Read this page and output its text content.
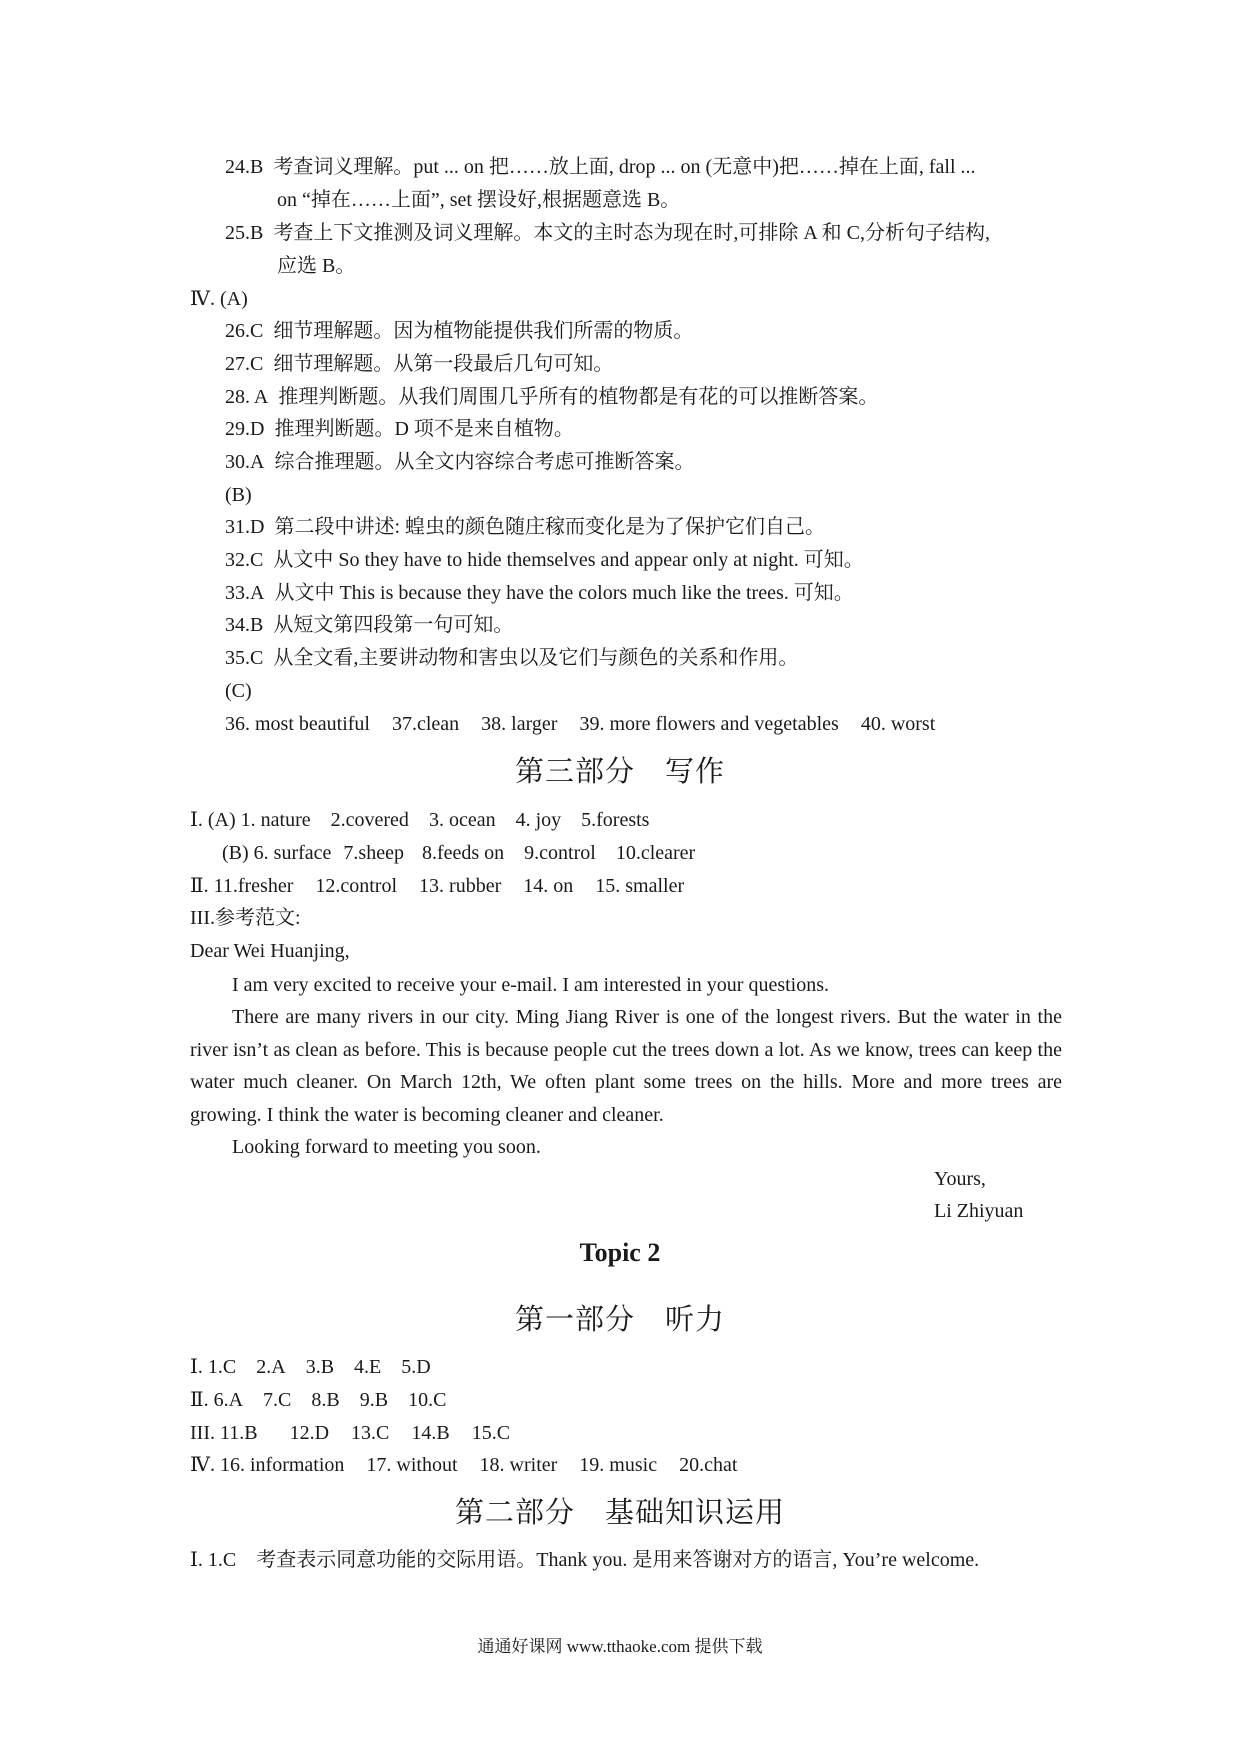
24.B 考查词义理解。put ... on 把……放上面, drop ... on (无意中)把……掉在上面, fall ...
on “掉在……上面”, set 摆设好,根据题意选 B。
25.B 考查上下文推测及词义理解。本文的主时态为现在时,可排除 A 和 C,分析句子结构,
应选 B。
Ⅳ. (A)
26.C 细节理解题。因为植物能提供我们所需的物质。
27.C 细节理解题。从第一段最后几句可知。
28. A 推理判断题。从我们周围几乎所有的植物都是有花的可以推断答案。
29.D 推理判断题。D 项不是来自植物。
30.A 综合推理题。从全文内容综合考虑可推断答案。
(B)
31.D 第二段中讲述: 蝗虫的颜色随庄稼而变化是为了保护它们自己。
32.C 从文中 So they have to hide themselves and appear only at night. 可知。
33.A 从文中 This is because they have the colors much like the trees. 可知。
34.B 从短文第四段第一句可知。
35.C 从全文看,主要讲动物和害虫以及它们与颜色的关系和作用。
(C)
36. most beautiful 37.clean 38. larger 39. more flowers and vegetables 40. worst
第三部分　写作
Ⅰ. (A) 1. nature 2.covered 3. ocean 4. joy 5.forests
(B) 6. surface 7.sheep 8.feeds on 9.control 10.clearer
Ⅱ. 11.fresher 12.control 13. rubber 14. on 15. smaller
III.参考范文:
Dear Wei Huanjing,
I am very excited to receive your e-mail. I am interested in your questions.
There are many rivers in our city. Ming Jiang River is one of the longest rivers. But the water in the river isn’t as clean as before. This is because people cut the trees down a lot. As we know, trees can keep the water much cleaner. On March 12th, We often plant some trees on the hills. More and more trees are growing. I think the water is becoming cleaner and cleaner.
Looking forward to meeting you soon.
Yours,
Li Zhiyuan
Topic 2
第一部分　听力
Ⅰ. 1.C 2.A 3.B 4.E 5.D
Ⅱ. 6.A 7.C 8.B 9.B 10.C
III. 11.B 12.D 13.C 14.B 15.C
Ⅳ. 16. information 17. without 18. writer 19. music 20.chat
第二部分　基础知识运用
Ⅰ. 1.C　考查表示同意功能的交际用语。Thank you. 是用来答谢对方的语言, You’re welcome.
通通好课网 www.tthaoke.com 提供下载
